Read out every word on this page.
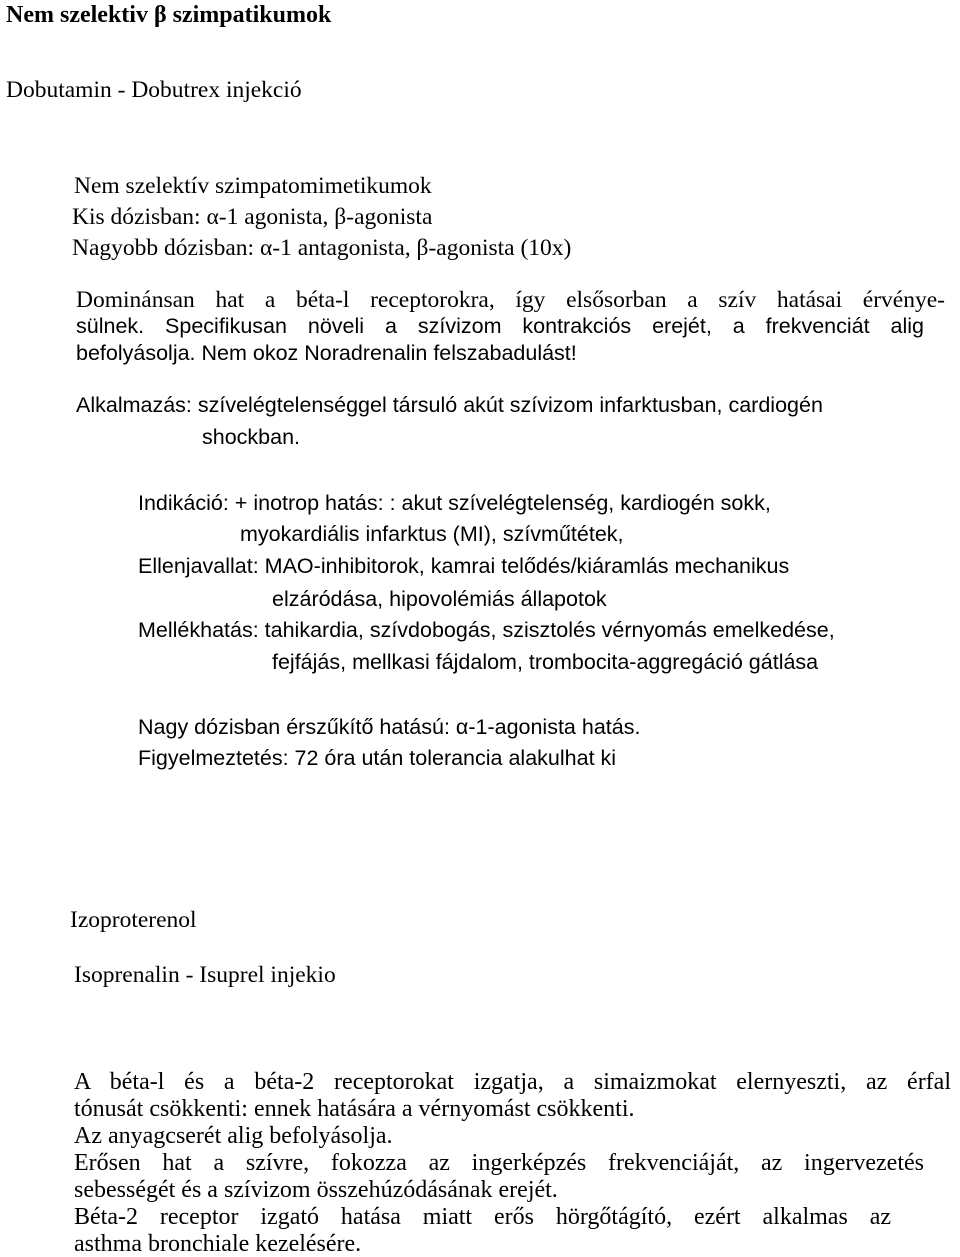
Nem szelektiv β szimpatikumok
Dobutamin - Dobutrex injekció
Nem szelektív szimpatomimetikumok
Kis dózisban: α-1 agonista, β-agonista
Nagyobb dózisban: α-1 antagonista, β-agonista (10x)
Dominánsan hat a béta-l receptorokra, így elsősorban a szív hatásai érvénye-
sülnek. Specifikusan növeli a szívizom kontrakciós erejét, a frekvenciát alig
befolyásolja. Nem okoz Noradrenalin felszabadulást!
Alkalmazás: szívelégtelenséggel társuló akút szívizom infarktusban, cardiogén
shockban.
Indikáció: + inotrop hatás: : akut szívelégtelenség, kardiogén sokk,
myokardiális infarktus (MI), szívműtétek,
Ellenjavallat: MAO-inhibitorok, kamrai telődés/kiáramlás mechanikus
elzáródása, hipovolémiás állapotok
Mellékhatás: tahikardia, szívdobogás, szisztolés vérnyomás emelkedése,
fejfájás, mellkasi fájdalom, trombocita-aggregáció gátlása
Nagy dózisban érszűkítő hatású: α-1-agonista hatás.
Figyelmeztetés: 72 óra után tolerancia alakulhat ki
Izoproterenol
Isoprenalin - Isuprel injekio
A béta-l és a béta-2 receptorokat izgatja, a simaizmokat elernyeszti, az érfal
tónusát csökkenti: ennek hatására a vérnyomást csökkenti.
Az anyagcserét alig befolyásolja.
Erősen hat a szívre, fokozza az ingerképzés frekvenciáját, az ingervezetés
sebességét és a szívizom összehúzódásának erejét.
Béta-2 receptor izgató hatása miatt erős hörgőtágító, ezért alkalmas az
asthma bronchiale kezelésére.
